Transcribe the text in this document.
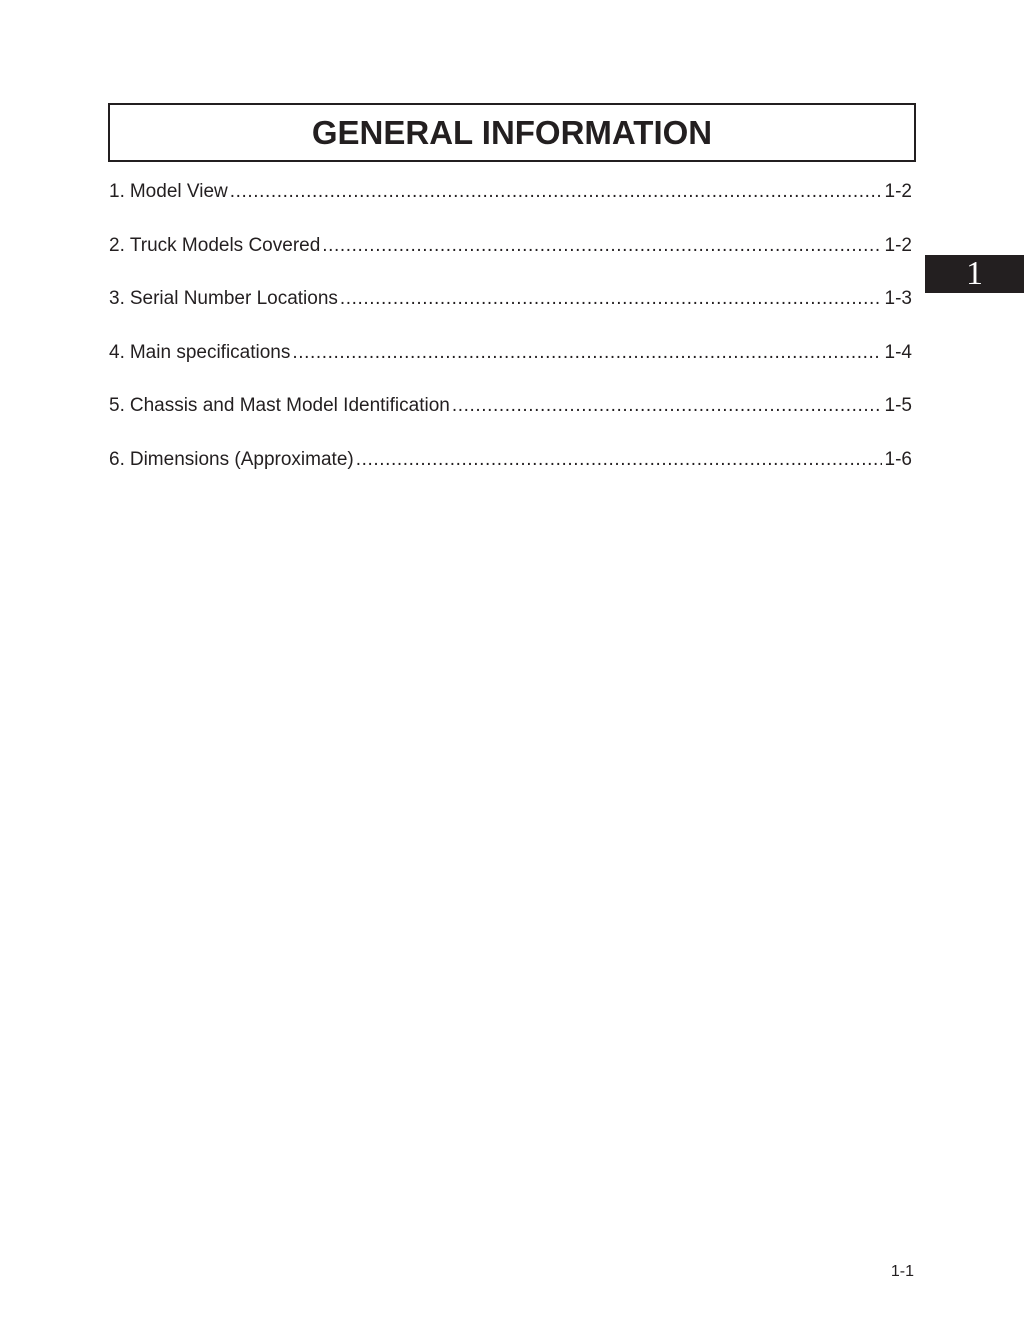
GENERAL INFORMATION
1. Model View .....	1-2
2. Truck Models Covered .....	1-2
3. Serial Number Locations .....	1-3
4. Main specifications .....	1-4
5. Chassis and Mast Model Identification .....	1-5
6. Dimensions (Approximate) .....	1-6
1
1-1
